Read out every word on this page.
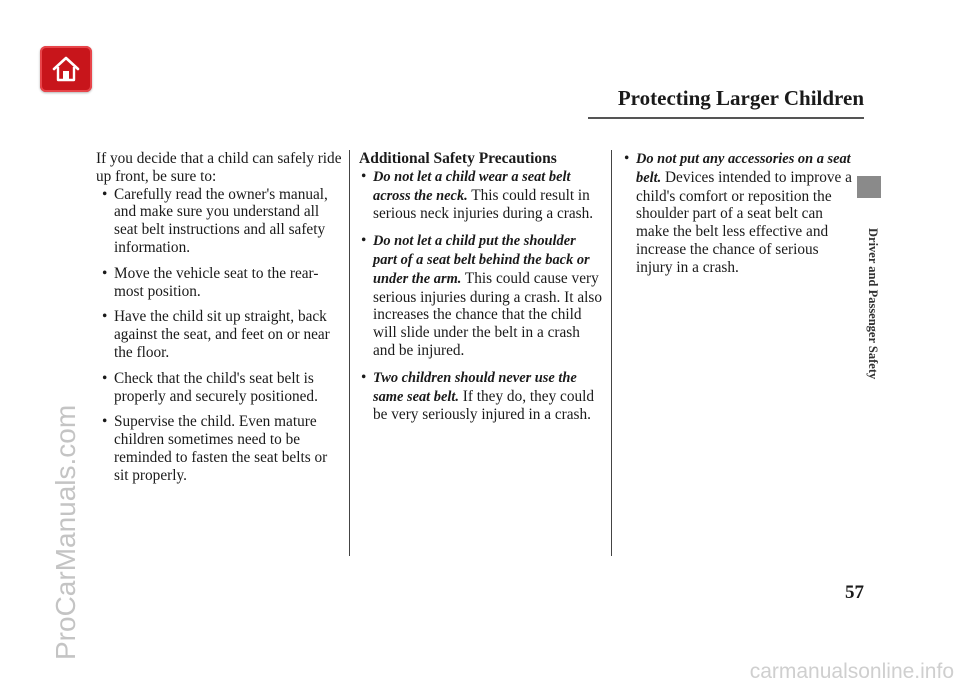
Protecting Larger Children
Driver and Passenger Safety
ProCarManuals.com

If you decide that a child can safely ride up front, be sure to:

• Carefully read the owner's manual, and make sure you understand all seat belt instructions and all safety information.
• Move the vehicle seat to the rear-most position.
• Have the child sit up straight, back against the seat, and feet on or near the floor.
• Check that the child's seat belt is properly and securely positioned.
• Supervise the child. Even mature children sometimes need to be reminded to fasten the seat belts or sit properly.
Additional Safety Precautions
• Do not let a child wear a seat belt across the neck. This could result in serious neck injuries during a crash.
• Do not let a child put the shoulder part of a seat belt behind the back or under the arm. This could cause very serious injuries during a crash. It also increases the chance that the child will slide under the belt in a crash and be injured.
• Two children should never use the same seat belt. If they do, they could be very seriously injured in a crash.
• Do not put any accessories on a seat belt. Devices intended to improve a child's comfort or reposition the shoulder part of a seat belt can make the belt less effective and increase the chance of serious injury in a crash.
57
carmanualsonline.info
